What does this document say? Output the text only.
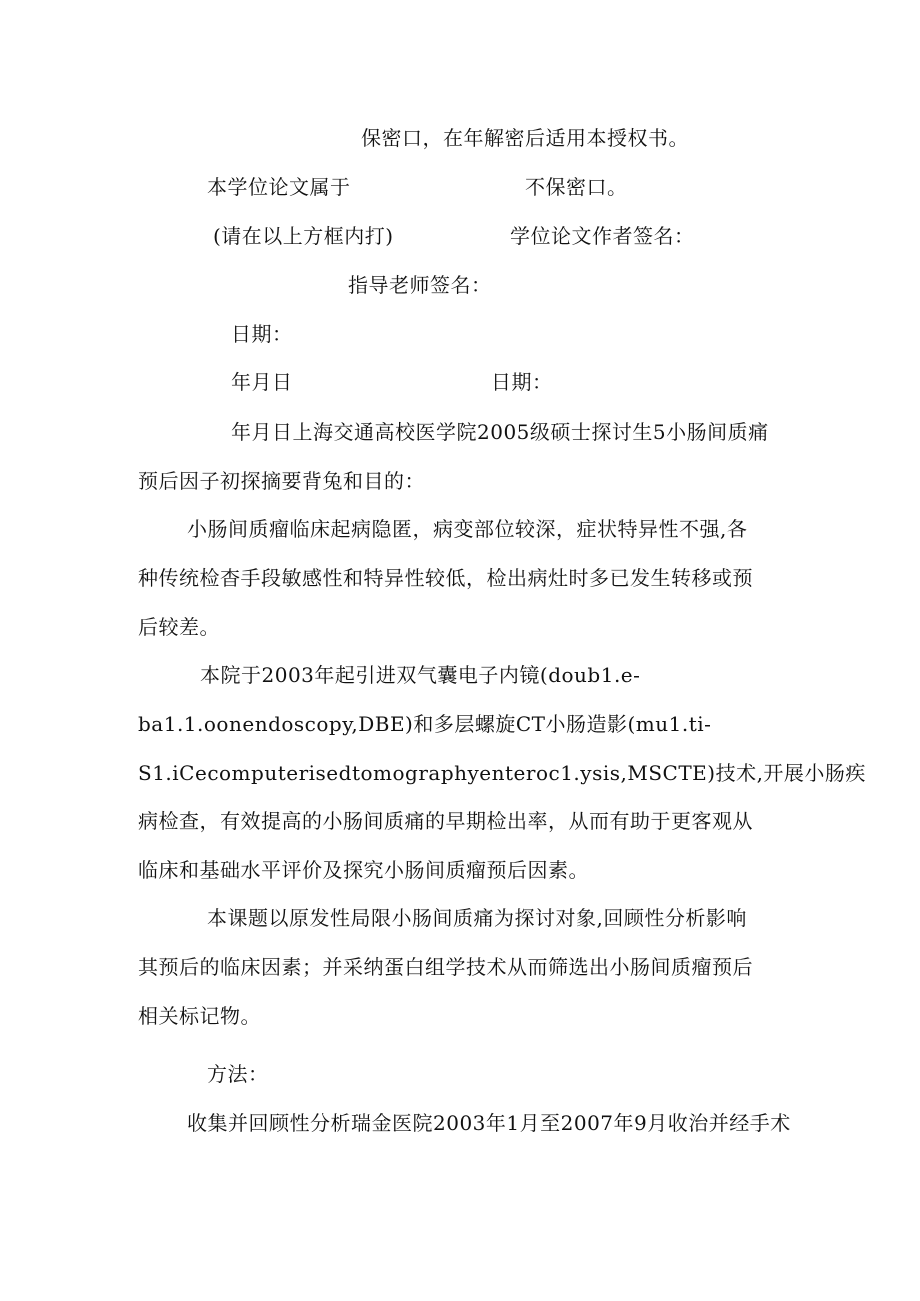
保密口，在年解密后适用本授权书。
本学位论文属于	不保密口。
(请在以上方框内打)	学位论文作者签名：
指导老师签名：
日期：
年月日	日期：
年月日上海交通高校医学院2005级硕士探讨生5小肠间质痛
预后因子初探摘要背兔和目的：
小肠间质瘤临床起病隐匿，病变部位较深，症状特异性不强,各
种传统检杳手段敏感性和特异性较低，检出病灶时多已发生转移或预
后较差。
本院于2003年起引进双气囊电子内镜(doub1.e-
ba1.1.oonendoscopy,DBE)和多层螺旋CT小肠造影(mu1.ti-
S1.iCecomputerisedtomographyenteroc1.ysis,MSCTE)技术,开展小肠疾
病检查，有效提高的小肠间质痛的早期检出率，从而有助于更客观从
临床和基础水平评价及探究小肠间质瘤预后因素。
本课题以原发性局限小肠间质痛为探讨对象,回顾性分析影响
其预后的临床因素；并采纳蛋白组学技术从而筛选出小肠间质瘤预后
相关标记物。
方法：
收集并回顾性分析瑞金医院2003年1月至2007年9月收治并经手术
